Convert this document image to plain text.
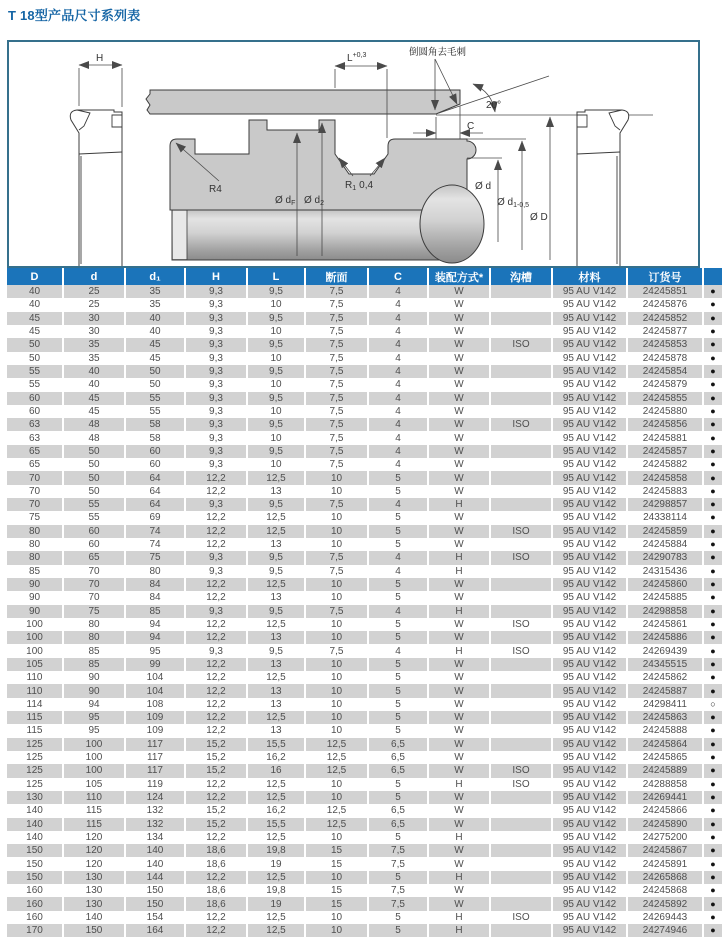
T 18型产品尺寸系列表
H
Ø $d_F$ Ø $d_2$
R4	$R_1$ 0,4
$L^{+0,3}$	倒圆角去毛刺
20°
C
Ø d
Ø $d_{1-0,5}$
Ø D
D	d	d₁	H	L	断面	C	装配方式*	沟槽	材料	订货号	
40	25	35	9,3	9,5	7,5	4	W		95 AU V142	24245851	●
40	25	35	9,3	10	7,5	4	W		95 AU V142	24245876	●
45	30	40	9,3	9,5	7,5	4	W		95 AU V142	24245852	●
45	30	40	9,3	10	7,5	4	W		95 AU V142	24245877	●
50	35	45	9,3	9,5	7,5	4	W	ISO	95 AU V142	24245853	●
50	35	45	9,3	10	7,5	4	W		95 AU V142	24245878	●
55	40	50	9,3	9,5	7,5	4	W		95 AU V142	24245854	●
55	40	50	9,3	10	7,5	4	W		95 AU V142	24245879	●
60	45	55	9,3	9,5	7,5	4	W		95 AU V142	24245855	●
60	45	55	9,3	10	7,5	4	W		95 AU V142	24245880	●
63	48	58	9,3	9,5	7,5	4	W	ISO	95 AU V142	24245856	●
63	48	58	9,3	10	7,5	4	W		95 AU V142	24245881	●
65	50	60	9,3	9,5	7,5	4	W		95 AU V142	24245857	●
65	50	60	9,3	10	7,5	4	W		95 AU V142	24245882	●
70	50	64	12,2	12,5	10	5	W		95 AU V142	24245858	●
70	50	64	12,2	13	10	5	W		95 AU V142	24245883	●
70	55	64	9,3	9,5	7,5	4	H		95 AU V142	24298857	●
75	55	69	12,2	12,5	10	5	W		95 AU V142	24338114	●
80	60	74	12,2	12,5	10	5	W	ISO	95 AU V142	24245859	●
80	60	74	12,2	13	10	5	W		95 AU V142	24245884	●
80	65	75	9,3	9,5	7,5	4	H	ISO	95 AU V142	24290783	●
85	70	80	9,3	9,5	7,5	4	H		95 AU V142	24315436	●
90	70	84	12,2	12,5	10	5	W		95 AU V142	24245860	●
90	70	84	12,2	13	10	5	W		95 AU V142	24245885	●
90	75	85	9,3	9,5	7,5	4	H		95 AU V142	24298858	●
100	80	94	12,2	12,5	10	5	W	ISO	95 AU V142	24245861	●
100	80	94	12,2	13	10	5	W		95 AU V142	24245886	●
100	85	95	9,3	9,5	7,5	4	H	ISO	95 AU V142	24269439	●
105	85	99	12,2	13	10	5	W		95 AU V142	24345515	●
110	90	104	12,2	12,5	10	5	W		95 AU V142	24245862	●
110	90	104	12,2	13	10	5	W		95 AU V142	24245887	●
114	94	108	12,2	13	10	5	W		95 AU V142	24298411	○
115	95	109	12,2	12,5	10	5	W		95 AU V142	24245863	●
115	95	109	12,2	13	10	5	W		95 AU V142	24245888	●
125	100	117	15,2	15,5	12,5	6,5	W		95 AU V142	24245864	●
125	100	117	15,2	16,2	12,5	6,5	W		95 AU V142	24245865	●
125	100	117	15,2	16	12,5	6,5	W	ISO	95 AU V142	24245889	●
125	105	119	12,2	12,5	10	5	H	ISO	95 AU V142	24288858	●
130	110	124	12,2	12,5	10	5	W		95 AU V142	24269441	●
140	115	132	15,2	16,2	12,5	6,5	W		95 AU V142	24245866	●
140	115	132	15,2	15,5	12,5	6,5	W		95 AU V142	24245890	●
140	120	134	12,2	12,5	10	5	H		95 AU V142	24275200	●
150	120	140	18,6	19,8	15	7,5	W		95 AU V142	24245867	●
150	120	140	18,6	19	15	7,5	W		95 AU V142	24245891	●
150	130	144	12,2	12,5	10	5	H		95 AU V142	24265868	●
160	130	150	18,6	19,8	15	7,5	W		95 AU V142	24245868	●
160	130	150	18,6	19	15	7,5	W		95 AU V142	24245892	●
160	140	154	12,2	12,5	10	5	H	ISO	95 AU V142	24269443	●
170	150	164	12,2	12,5	10	5	H		95 AU V142	24274946	●
